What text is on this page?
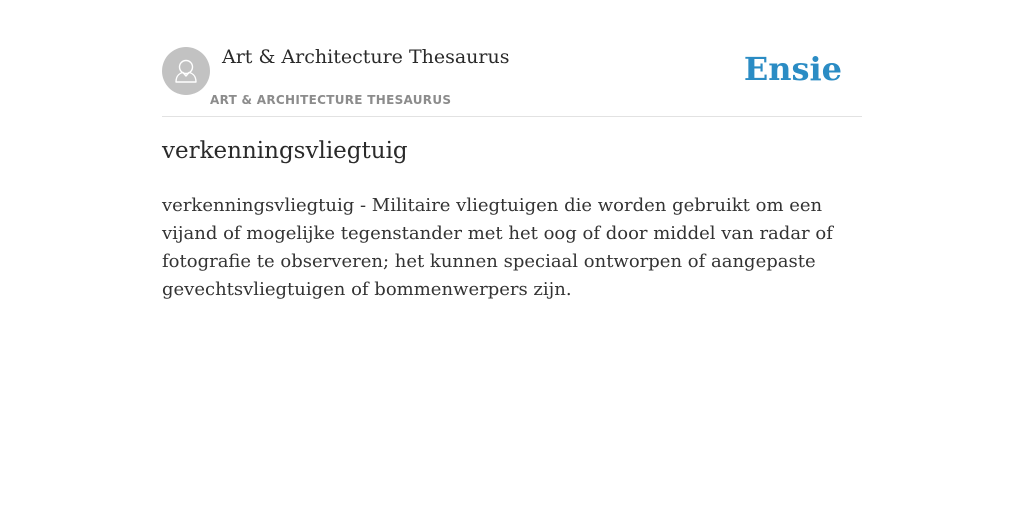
Art & Architecture Thesaurus
ART & ARCHITECTURE THESAURUS
Ensie
verkenningsvliegtuig

verkenningsvliegtuig - Militaire vliegtuigen die worden gebruikt om een vijand of mogelijke tegenstander met het oog of door middel van radar of fotografie te observeren; het kunnen speciaal ontworpen of aangepaste gevechtsvliegtuigen of bommenwerpers zijn.
